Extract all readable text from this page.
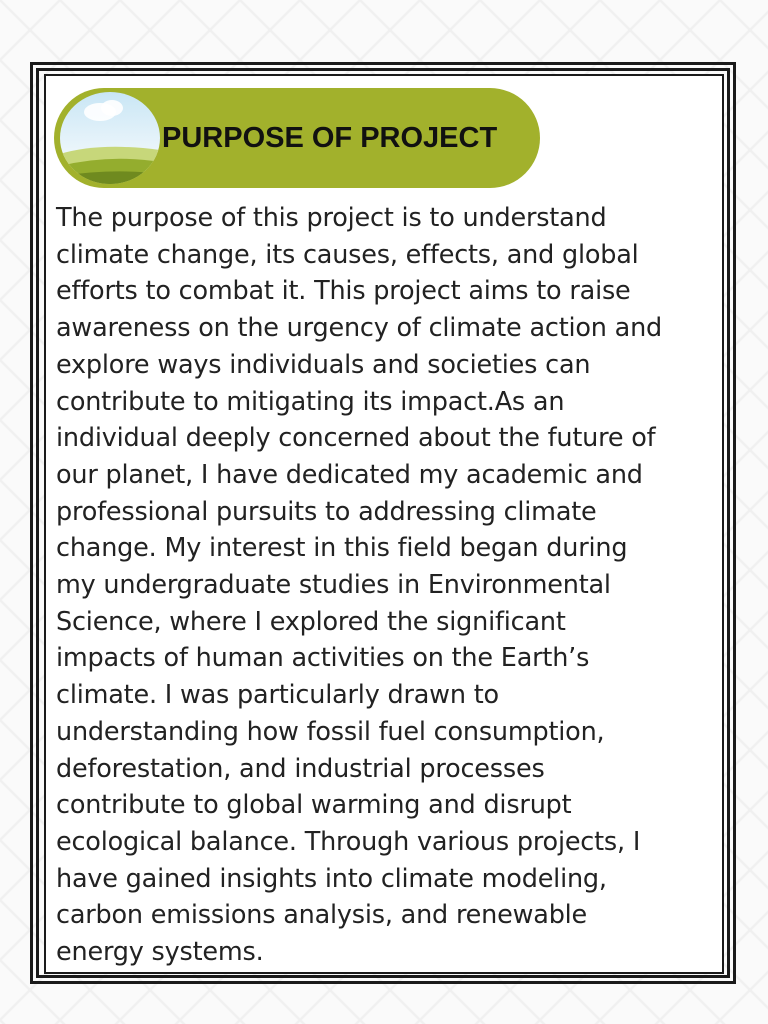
PURPOSE OF PROJECT
The purpose of this project is to understand
climate change, its causes, effects, and global
efforts to combat it. This project aims to raise
awareness on the urgency of climate action and
explore ways individuals and societies can
contribute to mitigating its impact.As an
individual deeply concerned about the future of
our planet, I have dedicated my academic and
professional pursuits to addressing climate
change. My interest in this field began during
my undergraduate studies in Environmental
Science, where I explored the significant
impacts of human activities on the Earth’s
climate. I was particularly drawn to
understanding how fossil fuel consumption,
deforestation, and industrial processes
contribute to global warming and disrupt
ecological balance. Through various projects, I
have gained insights into climate modeling,
carbon emissions analysis, and renewable
energy systems.
